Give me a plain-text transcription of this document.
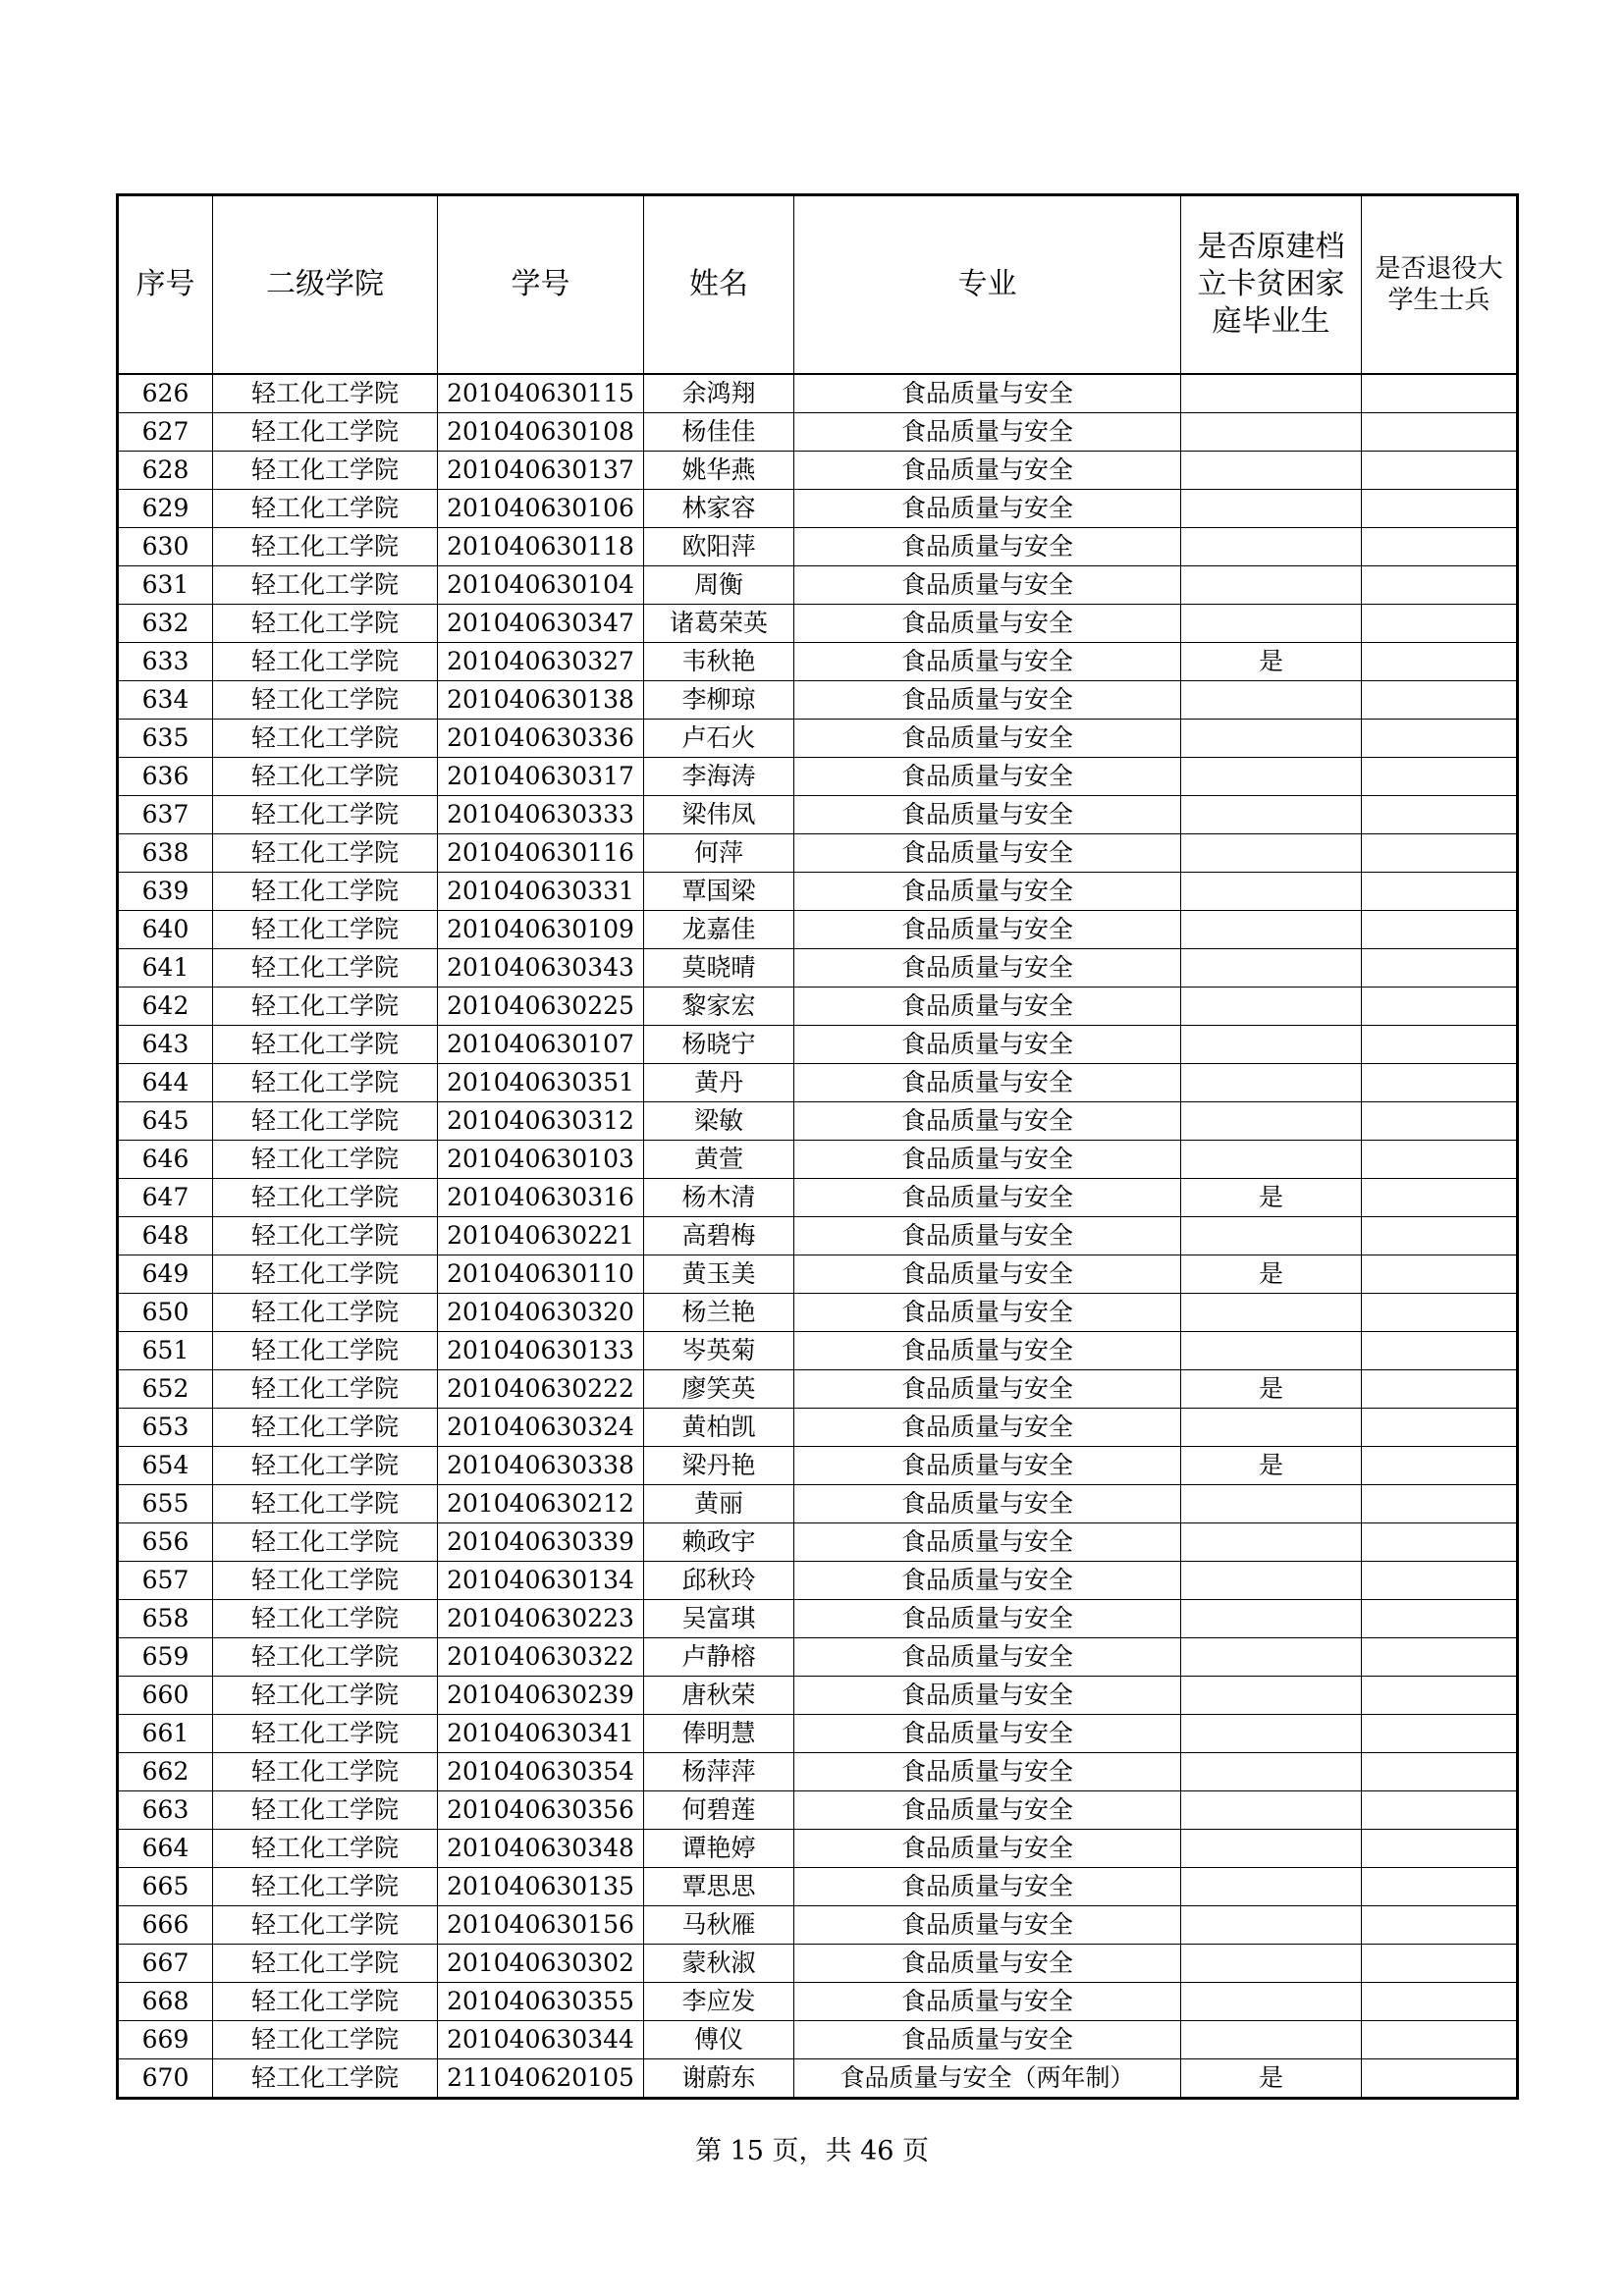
序号	二级学院	学号	姓名	专业	是否原建档立卡贫困家庭毕业生	是否退役大学生士兵
626	轻工化工学院	201040630115	余鸿翔	食品质量与安全		
627	轻工化工学院	201040630108	杨佳佳	食品质量与安全		
628	轻工化工学院	201040630137	姚华燕	食品质量与安全		
629	轻工化工学院	201040630106	林家容	食品质量与安全		
630	轻工化工学院	201040630118	欧阳萍	食品质量与安全		
631	轻工化工学院	201040630104	周衡	食品质量与安全		
632	轻工化工学院	201040630347	诸葛荣英	食品质量与安全		
633	轻工化工学院	201040630327	韦秋艳	食品质量与安全	是	
634	轻工化工学院	201040630138	李柳琼	食品质量与安全		
635	轻工化工学院	201040630336	卢石火	食品质量与安全		
636	轻工化工学院	201040630317	李海涛	食品质量与安全		
637	轻工化工学院	201040630333	梁伟凤	食品质量与安全		
638	轻工化工学院	201040630116	何萍	食品质量与安全		
639	轻工化工学院	201040630331	覃国梁	食品质量与安全		
640	轻工化工学院	201040630109	龙嘉佳	食品质量与安全		
641	轻工化工学院	201040630343	莫晓晴	食品质量与安全		
642	轻工化工学院	201040630225	黎家宏	食品质量与安全		
643	轻工化工学院	201040630107	杨晓宁	食品质量与安全		
644	轻工化工学院	201040630351	黄丹	食品质量与安全		
645	轻工化工学院	201040630312	梁敏	食品质量与安全		
646	轻工化工学院	201040630103	黄萱	食品质量与安全		
647	轻工化工学院	201040630316	杨木清	食品质量与安全	是	
648	轻工化工学院	201040630221	高碧梅	食品质量与安全		
649	轻工化工学院	201040630110	黄玉美	食品质量与安全	是	
650	轻工化工学院	201040630320	杨兰艳	食品质量与安全		
651	轻工化工学院	201040630133	岑英菊	食品质量与安全		
652	轻工化工学院	201040630222	廖笑英	食品质量与安全	是	
653	轻工化工学院	201040630324	黄柏凯	食品质量与安全		
654	轻工化工学院	201040630338	梁丹艳	食品质量与安全	是	
655	轻工化工学院	201040630212	黄丽	食品质量与安全		
656	轻工化工学院	201040630339	赖政宇	食品质量与安全		
657	轻工化工学院	201040630134	邱秋玲	食品质量与安全		
658	轻工化工学院	201040630223	吴富琪	食品质量与安全		
659	轻工化工学院	201040630322	卢静榕	食品质量与安全		
660	轻工化工学院	201040630239	唐秋荣	食品质量与安全		
661	轻工化工学院	201040630341	俸明慧	食品质量与安全		
662	轻工化工学院	201040630354	杨萍萍	食品质量与安全		
663	轻工化工学院	201040630356	何碧莲	食品质量与安全		
664	轻工化工学院	201040630348	谭艳婷	食品质量与安全		
665	轻工化工学院	201040630135	覃思思	食品质量与安全		
666	轻工化工学院	201040630156	马秋雁	食品质量与安全		
667	轻工化工学院	201040630302	蒙秋淑	食品质量与安全		
668	轻工化工学院	201040630355	李应发	食品质量与安全		
669	轻工化工学院	201040630344	傅仪	食品质量与安全		
670	轻工化工学院	211040620105	谢蔚东	食品质量与安全（两年制）	是	
第 15 页，共 46 页
